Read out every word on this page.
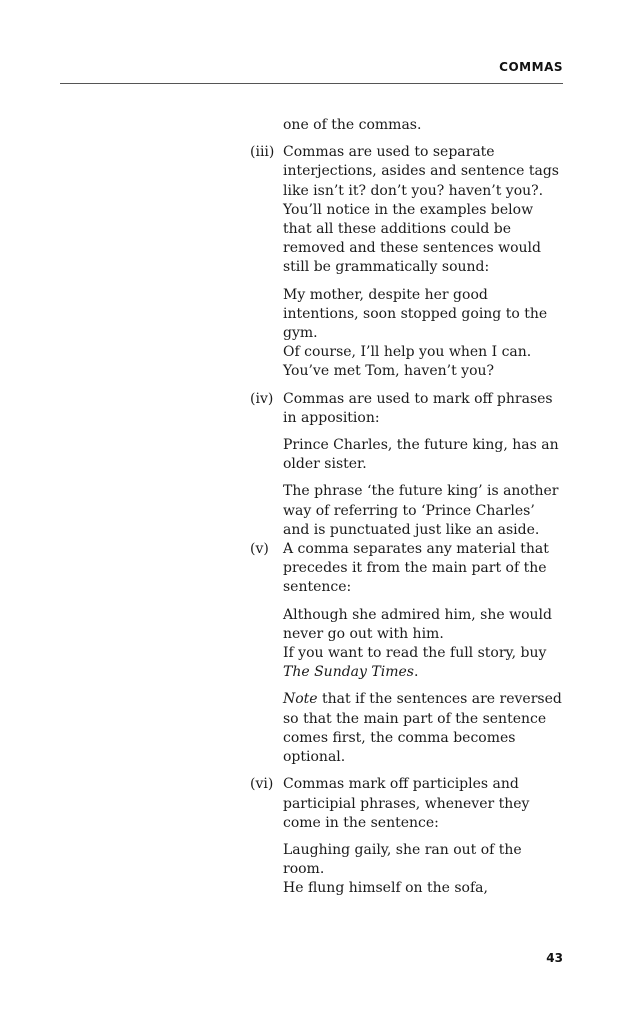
COMMAS
one of the commas.
(iii) Commas are used to separate
interjections, asides and sentence tags
like isn’t it? don’t you? haven’t you?.
You’ll notice in the examples below
that all these additions could be
removed and these sentences would
still be grammatically sound:
My mother, despite her good
intentions, soon stopped going to the
gym.
Of course, I’ll help you when I can.
You’ve met Tom, haven’t you?
(iv) Commas are used to mark off phrases
in apposition:
Prince Charles, the future king, has an
older sister.
The phrase ‘the future king’ is another
way of referring to ‘Prince Charles’
and is punctuated just like an aside.
(v)	A comma separates any material that
precedes it from the main part of the
sentence:
Although she admired him, she would
never go out with him.
If you want to read the full story, buy
The Sunday Times.
Note that if the sentences are reversed
so that the main part of the sentence
comes first, the comma becomes
optional.
(vi) Commas mark off participles and
participial phrases, whenever they
come in the sentence:
Laughing gaily, she ran out of the
room.
He flung himself on the sofa,
43
